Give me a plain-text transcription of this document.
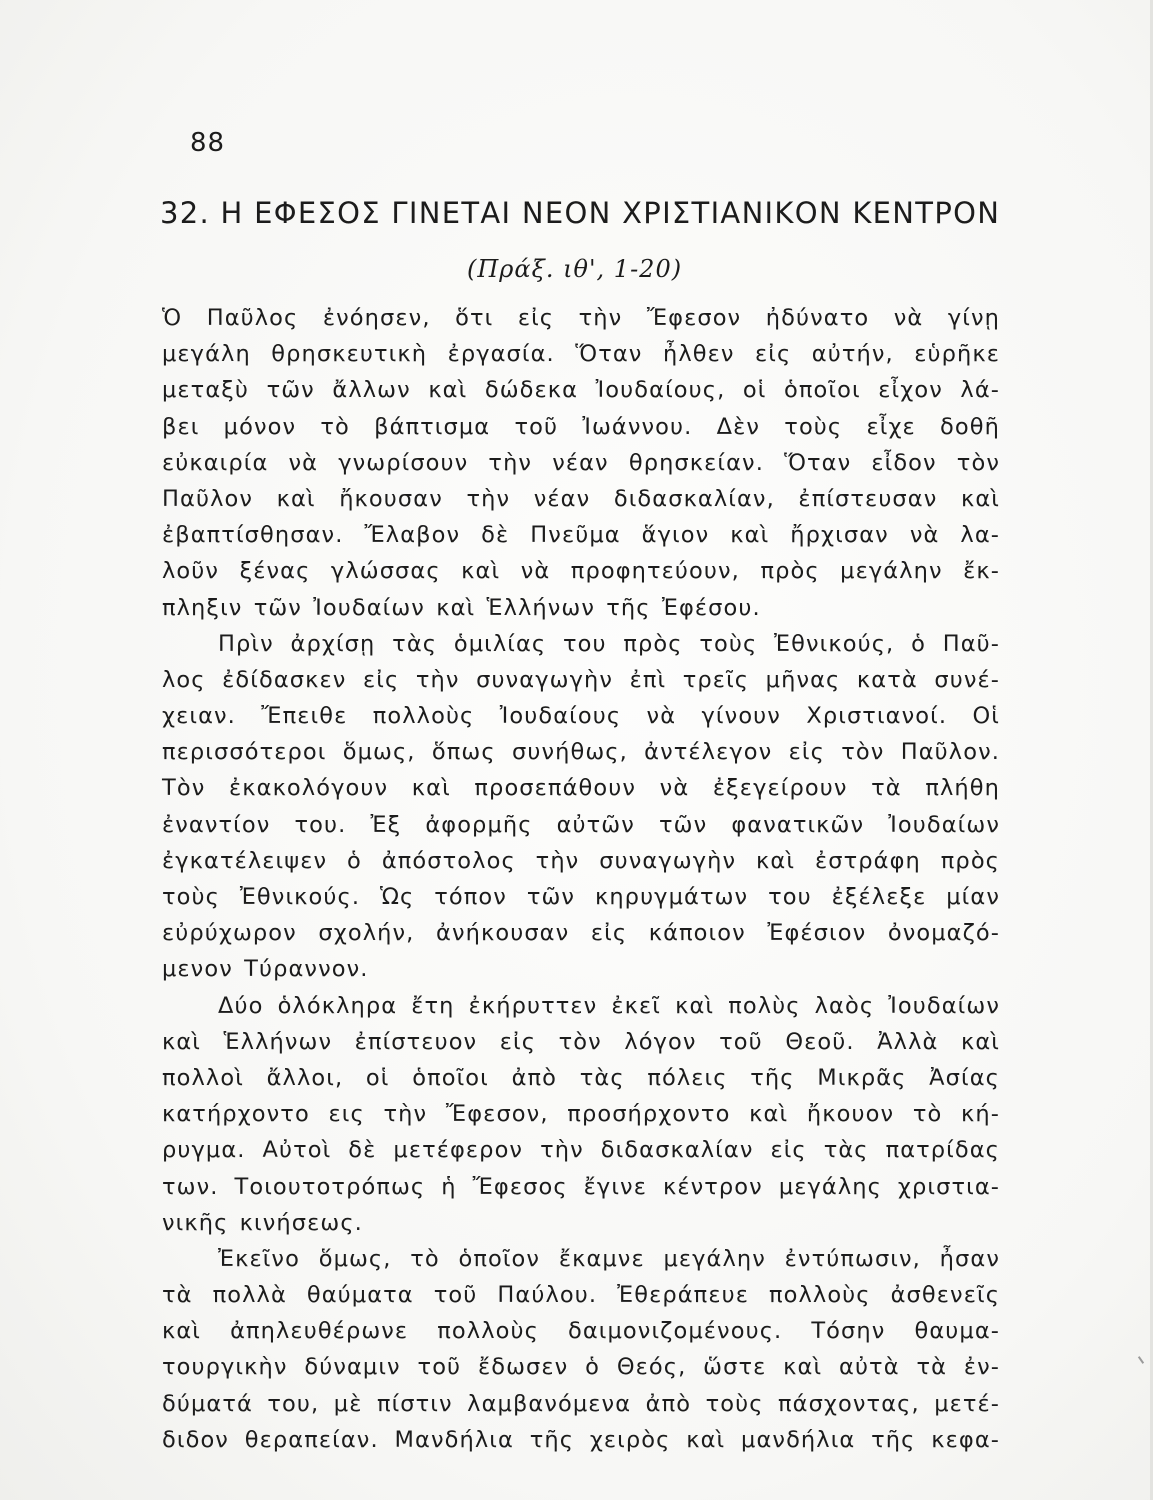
88
32. Η ΕΦΕΣΟΣ ΓΙΝΕΤΑΙ ΝΕΟΝ ΧΡΙΣΤΙΑΝΙΚΟΝ ΚΕΝΤΡΟΝ
(Πράξ. ιθ', 1-20)
Ὁ Παῦλος ἐνόησεν, ὅτι εἰς τὴν Ἔφεσον ἠδύνατο νὰ γίνῃ
μεγάλη θρησκευτικὴ ἐργασία. Ὅταν ἦλθεν εἰς αὐτήν, εὑρῆκε
μεταξὺ τῶν ἄλλων καὶ δώδεκα Ἰουδαίους, οἱ ὁποῖοι εἶχον λά-
βει μόνον τὸ βάπτισμα τοῦ Ἰωάννου. Δὲν τοὺς εἶχε δοθῆ
εὐκαιρία νὰ γνωρίσουν τὴν νέαν θρησκείαν. Ὅταν εἶδον τὸν
Παῦλον καὶ ἤκουσαν τὴν νέαν διδασκαλίαν, ἐπίστευσαν καὶ
ἐβαπτίσθησαν. Ἔλαβον δὲ Πνεῦμα ἅγιον καὶ ἤρχισαν νὰ λα-
λοῦν ξένας γλώσσας καὶ νὰ προφητεύουν, πρὸς μεγάλην ἔκ-
πληξιν τῶν Ἰουδαίων καὶ Ἑλλήνων τῆς Ἐφέσου.
Πρὶν ἀρχίσῃ τὰς ὁμιλίας του πρὸς τοὺς Ἐθνικούς, ὁ Παῦ-
λος ἐδίδασκεν εἰς τὴν συναγωγὴν ἐπὶ τρεῖς μῆνας κατὰ συνέ-
χειαν. Ἔπειθε πολλοὺς Ἰουδαίους νὰ γίνουν Χριστιανοί. Οἱ
περισσότεροι ὅμως, ὅπως συνήθως, ἀντέλεγον εἰς τὸν Παῦλον.
Τὸν ἐκακολόγουν καὶ προσεπάθουν νὰ ἐξεγείρουν τὰ πλήθη
ἐναντίον του. Ἐξ ἀφορμῆς αὐτῶν τῶν φανατικῶν Ἰουδαίων
ἐγκατέλειψεν ὁ ἀπόστολος τὴν συναγωγὴν καὶ ἐστράφη πρὸς
τοὺς Ἐθνικούς. Ὡς τόπον τῶν κηρυγμάτων του ἐξέλεξε μίαν
εὐρύχωρον σχολήν, ἀνήκουσαν εἰς κάποιον Ἐφέσιον ὀνομαζό-
μενον Τύραννον.
Δύο ὁλόκληρα ἔτη ἐκήρυττεν ἐκεῖ καὶ πολὺς λαὸς Ἰουδαίων
καὶ Ἑλλήνων ἐπίστευον εἰς τὸν λόγον τοῦ Θεοῦ. Ἀλλὰ καὶ
πολλοὶ ἄλλοι, οἱ ὁποῖοι ἀπὸ τὰς πόλεις τῆς Μικρᾶς Ἀσίας
κατήρχοντο εις τὴν Ἔφεσον, προσήρχοντο καὶ ἤκουον τὸ κή-
ρυγμα. Αὐτοὶ δὲ μετέφερον τὴν διδασκαλίαν εἰς τὰς πατρίδας
των. Τοιουτοτρόπως ἡ Ἔφεσος ἔγινε κέντρον μεγάλης χριστια-
νικῆς κινήσεως.
Ἐκεῖνο ὅμως, τὸ ὁποῖον ἔκαμνε μεγάλην ἐντύπωσιν, ἦσαν
τὰ πολλὰ θαύματα τοῦ Παύλου. Ἐθεράπευε πολλοὺς ἀσθενεῖς
καὶ ἀπηλευθέρωνε πολλοὺς δαιμονιζομένους. Τόσην θαυμα-
τουργικὴν δύναμιν τοῦ ἔδωσεν ὁ Θεός, ὥστε καὶ αὐτὰ τὰ ἐν-
δύματά του, μὲ πίστιν λαμβανόμενα ἀπὸ τοὺς πάσχοντας, μετέ-
διδον θεραπείαν. Μανδήλια τῆς χειρὸς καὶ μανδήλια τῆς κεφα-
